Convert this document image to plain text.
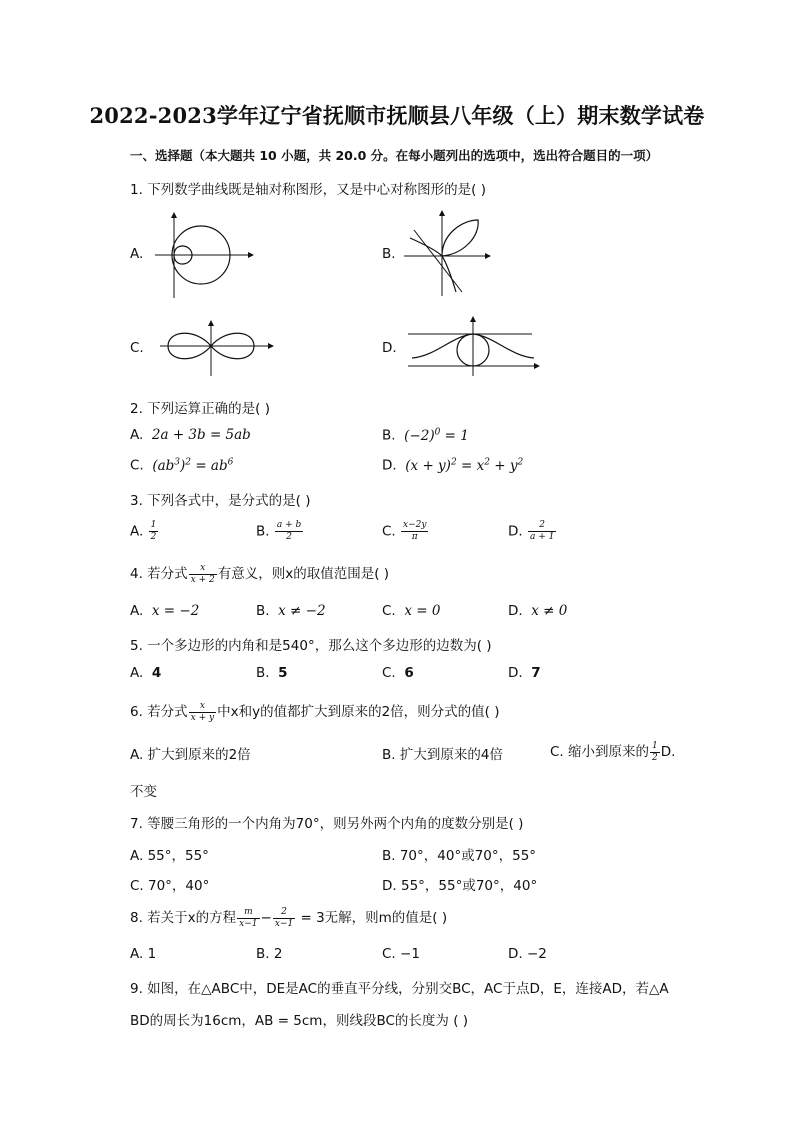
2022-2023学年辽宁省抚顺市抚顺县八年级（上）期末数学试卷
一、选择题（本大题共 10 小题，共 20.0 分。在每小题列出的选项中，选出符合题目的一项）
1. 下列数学曲线既是轴对称图形，又是中心对称图形的是( )
A.	B.
C.	D.
2. 下列运算正确的是( )
A. 2a + 3b = 5ab	B. $(-2)^0 = 1$
C. $(ab^3)^2 = ab^6$	D. $(x + y)^2 = x^2 + y^2$
3. 下列各式中，是分式的是( )
A. $\frac{1}{2}$	B. $\frac{a + b}{2}$	C. $\frac{x-2y}{\pi}$	D. $\frac{2}{a + 1}$
4. 若分式 $\frac{x}{x + 2}$ 有意义，则x的取值范围是( )
A. x = −2	B. x ≠ −2	C. x = 0	D. x ≠ 0
5. 一个多边形的内角和是540°，那么这个多边形的边数为( )
A. 4	B. 5	C. 6	D. 7
6. 若分式 $\frac{x}{x + y}$ 中x和y的值都扩大到原来的2倍，则分式的值( )
A. 扩大到原来的2倍	B. 扩大到原来的4倍	C. 缩小到原来的 $\frac{1}{2} D$.
不变
7. 等腰三角形的一个内角为70°，则另外两个内角的度数分别是( )
A. 55°，55°	B. 70°，40°或70°，55°
C. 70°，40°	D. 55°，55°或70°，40°
8. 若关于x的方程 $\frac{m}{x-1} - \frac{2}{x-1} = 3$无解，则m的值是( )
A. 1	B. 2	C. −1	D. −2
9. 如图，在△ABC中，DE是AC的垂直平分线，分别交BC，AC于点D，E，连接AD，若△A
BD的周长为16cm，AB = 5cm，则线段BC的长度为 ( )
